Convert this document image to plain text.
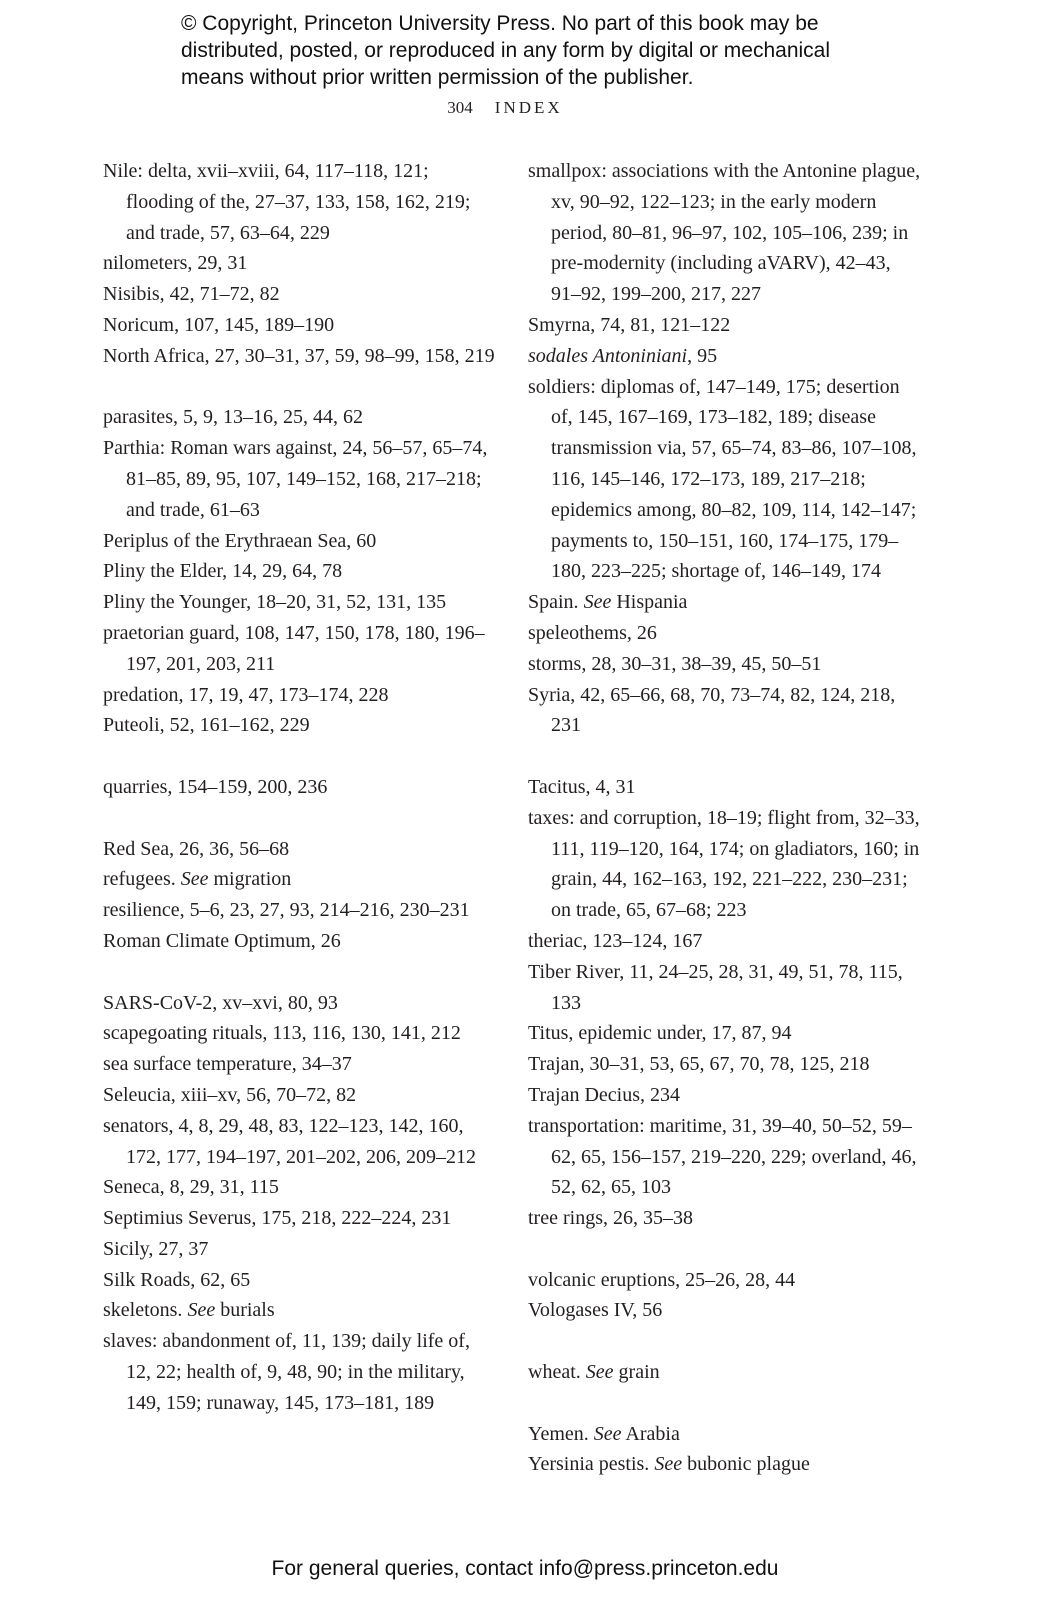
© Copyright, Princeton University Press. No part of this book may be
distributed, posted, or reproduced in any form by digital or mechanical
means without prior written permission of the publisher.
304 INDEX
Nile: delta, xvii–xviii, 64, 117–118, 121; flooding of the, 27–37, 133, 158, 162, 219; and trade, 57, 63–64, 229
nilometers, 29, 31
Nisibis, 42, 71–72, 82
Noricum, 107, 145, 189–190
North Africa, 27, 30–31, 37, 59, 98–99, 158, 219
parasites, 5, 9, 13–16, 25, 44, 62
Parthia: Roman wars against, 24, 56–57, 65–74, 81–85, 89, 95, 107, 149–152, 168, 217–218; and trade, 61–63
Periplus of the Erythraean Sea, 60
Pliny the Elder, 14, 29, 64, 78
Pliny the Younger, 18–20, 31, 52, 131, 135
praetorian guard, 108, 147, 150, 178, 180, 196–197, 201, 203, 211
predation, 17, 19, 47, 173–174, 228
Puteoli, 52, 161–162, 229
quarries, 154–159, 200, 236
Red Sea, 26, 36, 56–68
refugees. See migration
resilience, 5–6, 23, 27, 93, 214–216, 230–231
Roman Climate Optimum, 26
SARS-CoV-2, xv–xvi, 80, 93
scapegoating rituals, 113, 116, 130, 141, 212
sea surface temperature, 34–37
Seleucia, xiii–xv, 56, 70–72, 82
senators, 4, 8, 29, 48, 83, 122–123, 142, 160, 172, 177, 194–197, 201–202, 206, 209–212
Seneca, 8, 29, 31, 115
Septimius Severus, 175, 218, 222–224, 231
Sicily, 27, 37
Silk Roads, 62, 65
skeletons. See burials
slaves: abandonment of, 11, 139; daily life of, 12, 22; health of, 9, 48, 90; in the military, 149, 159; runaway, 145, 173–181, 189
smallpox: associations with the Antonine plague, xv, 90–92, 122–123; in the early modern period, 80–81, 96–97, 102, 105–106, 239; in pre-modernity (including aVARV), 42–43, 91–92, 199–200, 217, 227
Smyrna, 74, 81, 121–122
sodales Antoniniani, 95
soldiers: diplomas of, 147–149, 175; desertion of, 145, 167–169, 173–182, 189; disease transmission via, 57, 65–74, 83–86, 107–108, 116, 145–146, 172–173, 189, 217–218; epidemics among, 80–82, 109, 114, 142–147; payments to, 150–151, 160, 174–175, 179–180, 223–225; shortage of, 146–149, 174
Spain. See Hispania
speleothems, 26
storms, 28, 30–31, 38–39, 45, 50–51
Syria, 42, 65–66, 68, 70, 73–74, 82, 124, 218, 231
Tacitus, 4, 31
taxes: and corruption, 18–19; flight from, 32–33, 111, 119–120, 164, 174; on gladiators, 160; in grain, 44, 162–163, 192, 221–222, 230–231; on trade, 65, 67–68; 223
theriac, 123–124, 167
Tiber River, 11, 24–25, 28, 31, 49, 51, 78, 115, 133
Titus, epidemic under, 17, 87, 94
Trajan, 30–31, 53, 65, 67, 70, 78, 125, 218
Trajan Decius, 234
transportation: maritime, 31, 39–40, 50–52, 59–62, 65, 156–157, 219–220, 229; overland, 46, 52, 62, 65, 103
tree rings, 26, 35–38
volcanic eruptions, 25–26, 28, 44
Vologases IV, 56
wheat. See grain
Yemen. See Arabia
Yersinia pestis. See bubonic plague
For general queries, contact info@press.princeton.edu
